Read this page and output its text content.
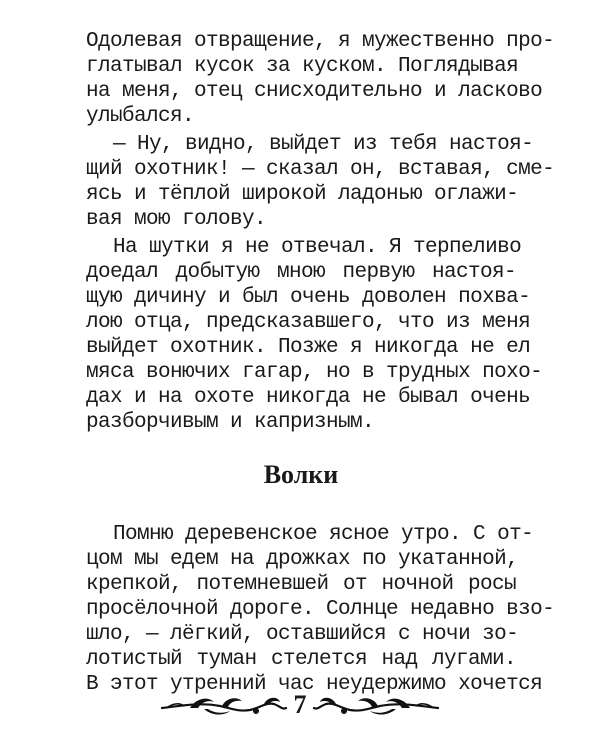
Одолевая отвращение, я мужественно про-
глатывал кусок за куском. Поглядывая
на меня, отец снисходительно и ласково
улыбался.
— Ну, видно, выйдет из тебя настоя-
щий охотник! — сказал он, вставая, сме-
ясь и тёплой широкой ладонью оглажи-
вая мою голову.
На шутки я не отвечал. Я терпеливо
доедал добытую мною первую настоя-
щую дичину и был очень доволен похва-
лою отца, предсказавшего, что из меня
выйдет охотник. Позже я никогда не ел
мяса вонючих гагар, но в трудных похо-
дах и на охоте никогда не бывал очень
разборчивым и капризным.
Волки
Помню деревенское ясное утро. С от-
цом мы едем на дрожках по укатанной,
крепкой, потемневшей от ночной росы
просёлочной дороге. Солнце недавно взо-
шло, — лёгкий, оставшийся с ночи зо-
лотистый туман стелется над лугами.
В этот утренний час неудержимо хочется
7
